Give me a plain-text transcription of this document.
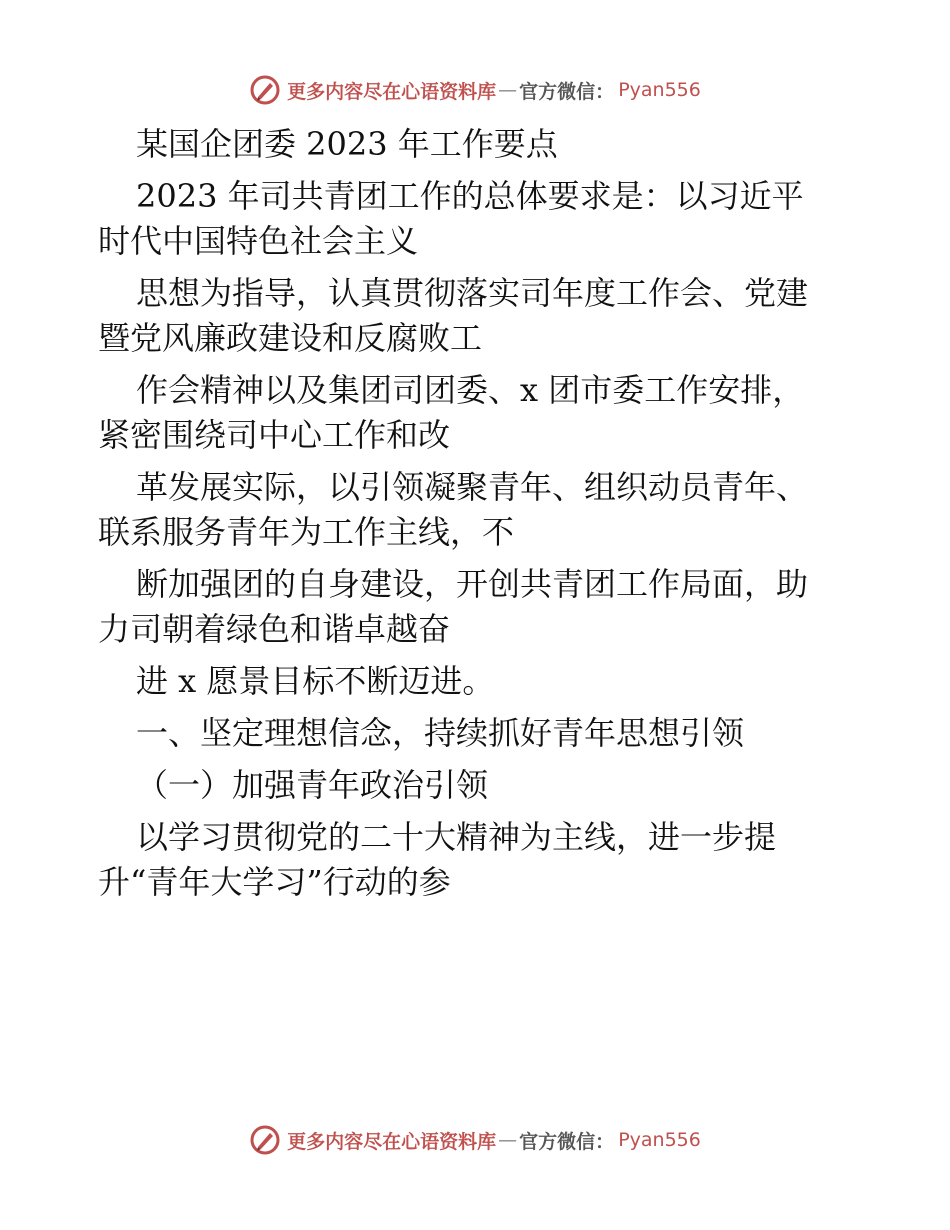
更多内容尽在心语资料库 — 官方微信： Pyan556

某国企团委 2023 年工作要点

2023 年司共青团工作的总体要求是：以习近平
时代中国特色社会主义

思想为指导，认真贯彻落实司年度工作会、党建
暨党风廉政建设和反腐败工

作会精神以及集团司团委、x 团市委工作安排，
紧密围绕司中心工作和改

革发展实际，以引领凝聚青年、组织动员青年、
联系服务青年为工作主线，不

断加强团的自身建设，开创共青团工作局面，助
力司朝着绿色和谐卓越奋

进 x 愿景目标不断迈进。

一、坚定理想信念，持续抓好青年思想引领

（一）加强青年政治引领

以学习贯彻党的二十大精神为主线，进一步提
升“青年大学习”行动的参

更多内容尽在心语资料库 — 官方微信： Pyan556
